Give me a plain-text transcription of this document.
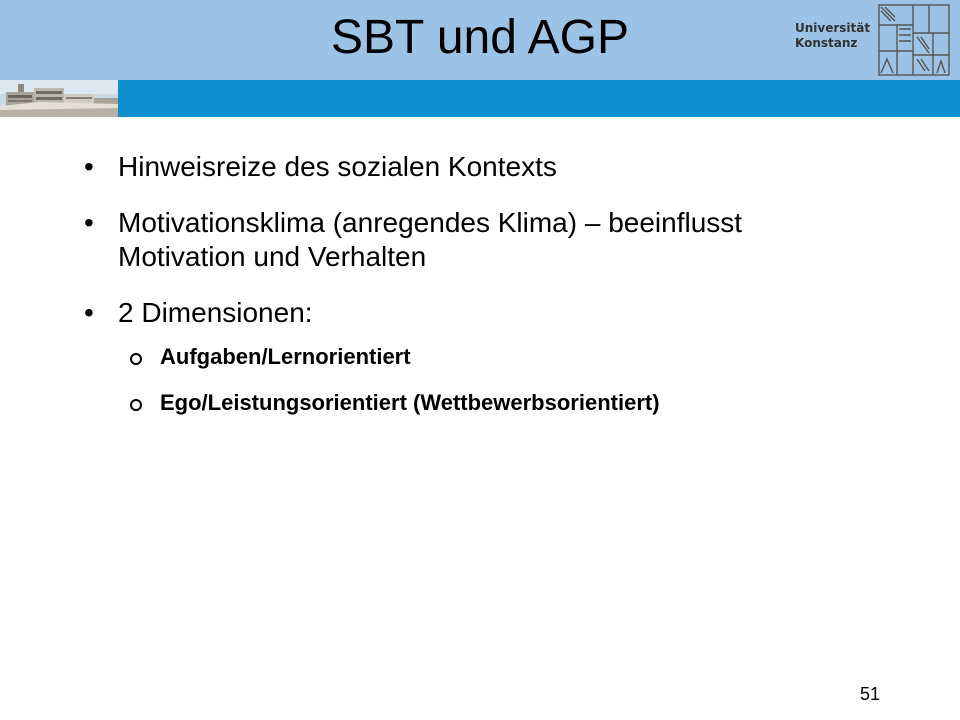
SBT und AGP	Universität
Konstanz
• Hinweisreize des sozialen Kontexts
• Motivationsklima (anregendes Klima) – beeinflusst Motivation und Verhalten
• 2 Dimensionen:
Aufgaben/Lernorientiert
Ego/Leistungsorientiert (Wettbewerbsorientiert)
51
